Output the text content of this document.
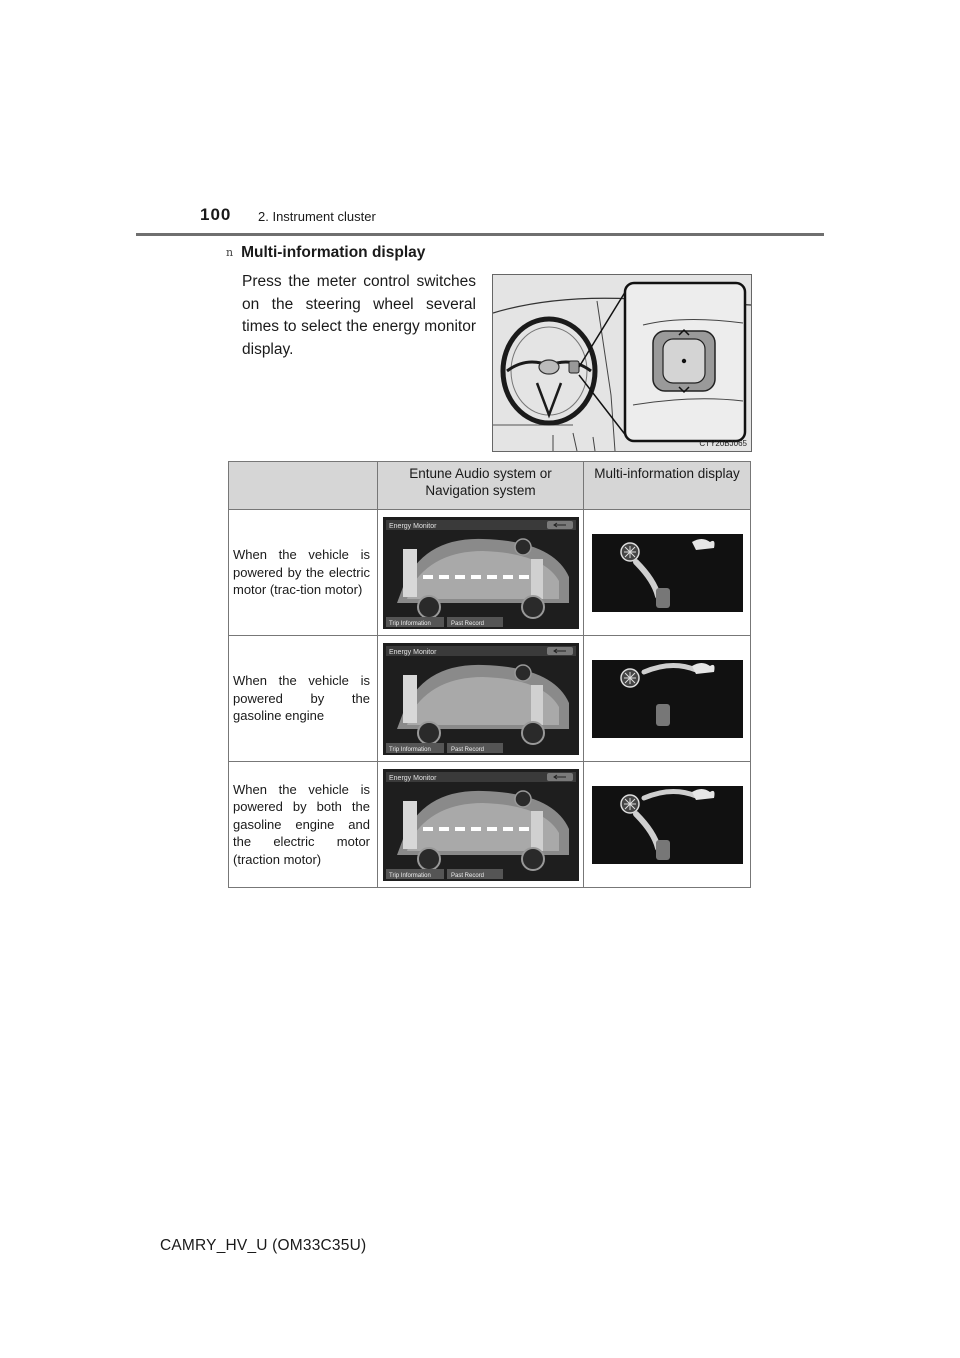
100 2. Instrument cluster
n Multi-information display
Press the meter control switches on the steering wheel several times to select the energy monitor display.
CTY20BJ065
	Entune Audio system or Navigation system	Multi-information display
When the vehicle is powered by the electric motor (trac-tion motor)	Energy Monitor
Trip Information Past Record

When the vehicle is powered by the gasoline engine	Energy Monitor
Trip Information Past Record

When the vehicle is powered by both the gasoline engine and the electric motor (traction motor)	Energy Monitor
Trip Information Past Record

CAMRY_HV_U (OM33C35U)
